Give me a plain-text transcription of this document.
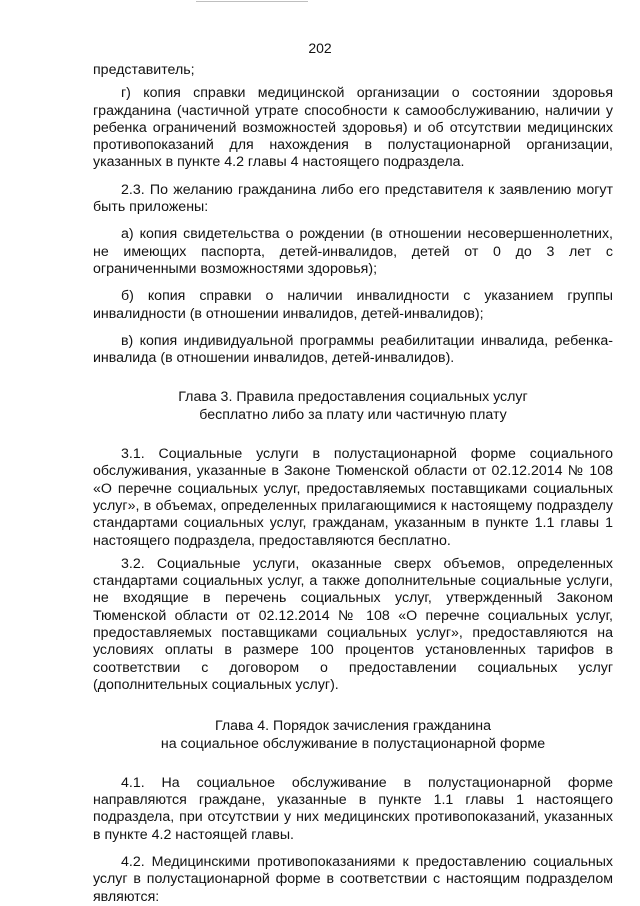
202

представитель;

г) копия справки медицинской организации о состоянии здоровья гражданина (частичной утрате способности к самообслуживанию, наличии у ребенка ограничений возможностей здоровья) и об отсутствии медицинских противопоказаний для нахождения в полустационарной организации, указанных в пункте 4.2 главы 4 настоящего подраздела.

2.3. По желанию гражданина либо его представителя к заявлению могут быть приложены:

а) копия свидетельства о рождении (в отношении несовершеннолетних, не имеющих паспорта, детей-инвалидов, детей от 0 до 3 лет с ограниченными возможностями здоровья);

б) копия справки о наличии инвалидности с указанием группы инвалидности (в отношении инвалидов, детей-инвалидов);

в) копия индивидуальной программы реабилитации инвалида, ребенка-инвалида (в отношении инвалидов, детей-инвалидов).

Глава 3. Правила предоставления социальных услуг
бесплатно либо за плату или частичную плату

3.1. Социальные услуги в полустационарной форме социального обслуживания, указанные в Законе Тюменской области от 02.12.2014 № 108 «О перечне социальных услуг, предоставляемых поставщиками социальных услуг», в объемах, определенных прилагающимися к настоящему подразделу стандартами социальных услуг, гражданам, указанным в пункте 1.1 главы 1 настоящего подраздела, предоставляются бесплатно.

3.2. Социальные услуги, оказанные сверх объемов, определенных стандартами социальных услуг, а также дополнительные социальные услуги, не входящие в перечень социальных услуг, утвержденный Законом Тюменской области от 02.12.2014 № 108 «О перечне социальных услуг, предоставляемых поставщиками социальных услуг», предоставляются на условиях оплаты в размере 100 процентов установленных тарифов в соответствии с договором о предоставлении социальных услуг (дополнительных социальных услуг).

Глава 4. Порядок зачисления гражданина
на социальное обслуживание в полустационарной форме

4.1. На социальное обслуживание в полустационарной форме направляются граждане, указанные в пункте 1.1 главы 1 настоящего подраздела, при отсутствии у них медицинских противопоказаний, указанных в пункте 4.2 настоящей главы.

4.2. Медицинскими противопоказаниями к предоставлению социальных услуг в полустационарной форме в соответствии с настоящим подразделом являются:
